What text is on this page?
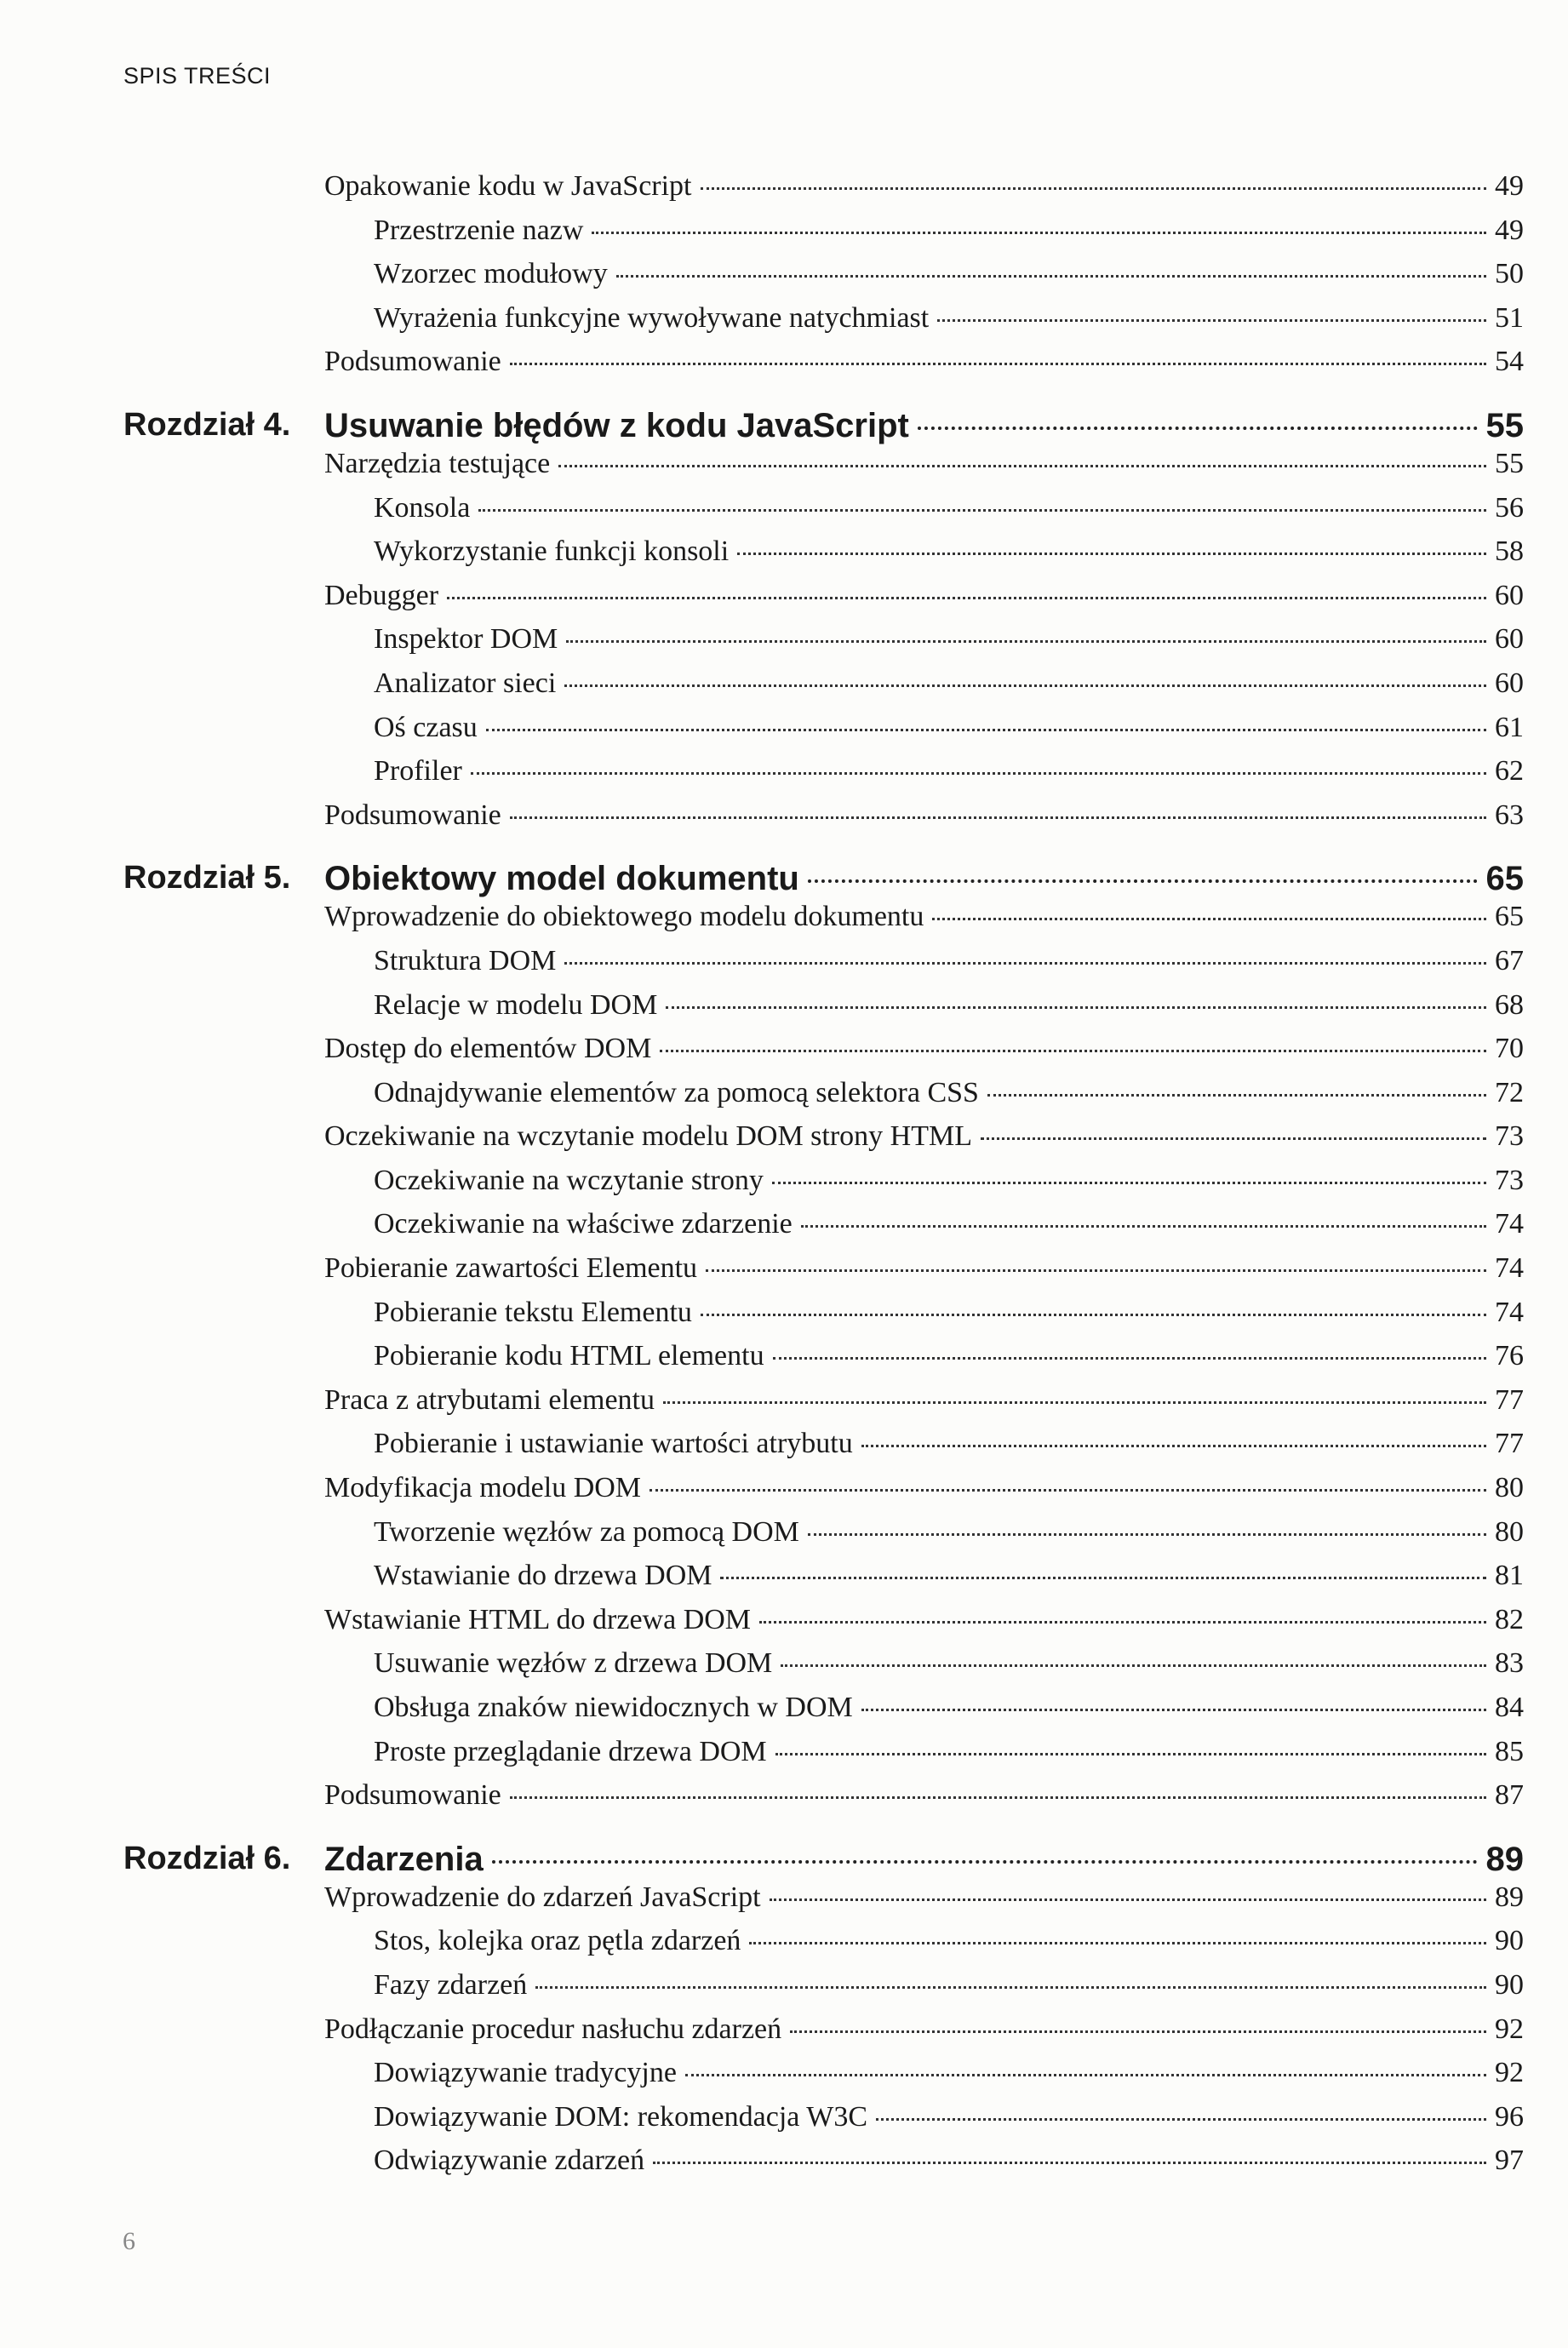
SPIS TREŚCI
Opakowanie kodu w JavaScript	49
Przestrzenie nazw	49
Wzorzec modułowy	50
Wyrażenia funkcyjne wywoływane natychmiast	51
Podsumowanie	54
Rozdział 4. Usuwanie błędów z kodu JavaScript	55
Narzędzia testujące	55
Konsola	56
Wykorzystanie funkcji konsoli	58
Debugger	60
Inspektor DOM	60
Analizator sieci	60
Oś czasu	61
Profiler	62
Podsumowanie	63
Rozdział 5. Obiektowy model dokumentu	65
Wprowadzenie do obiektowego modelu dokumentu	65
Struktura DOM	67
Relacje w modelu DOM	68
Dostęp do elementów DOM	70
Odnajdywanie elementów za pomocą selektora CSS	72
Oczekiwanie na wczytanie modelu DOM strony HTML	73
Oczekiwanie na wczytanie strony	73
Oczekiwanie na właściwe zdarzenie	74
Pobieranie zawartości Elementu	74
Pobieranie tekstu Elementu	74
Pobieranie kodu HTML elementu	76
Praca z atrybutami elementu	77
Pobieranie i ustawianie wartości atrybutu	77
Modyfikacja modelu DOM	80
Tworzenie węzłów za pomocą DOM	80
Wstawianie do drzewa DOM	81
Wstawianie HTML do drzewa DOM	82
Usuwanie węzłów z drzewa DOM	83
Obsługa znaków niewidocznych w DOM	84
Proste przeglądanie drzewa DOM	85
Podsumowanie	87
Rozdział 6. Zdarzenia	89
Wprowadzenie do zdarzeń JavaScript	89
Stos, kolejka oraz pętla zdarzeń	90
Fazy zdarzeń	90
Podłączanie procedur nasłuchu zdarzeń	92
Dowiązywanie tradycyjne	92
Dowiązywanie DOM: rekomendacja W3C	96
Odwiązywanie zdarzeń	97
6
